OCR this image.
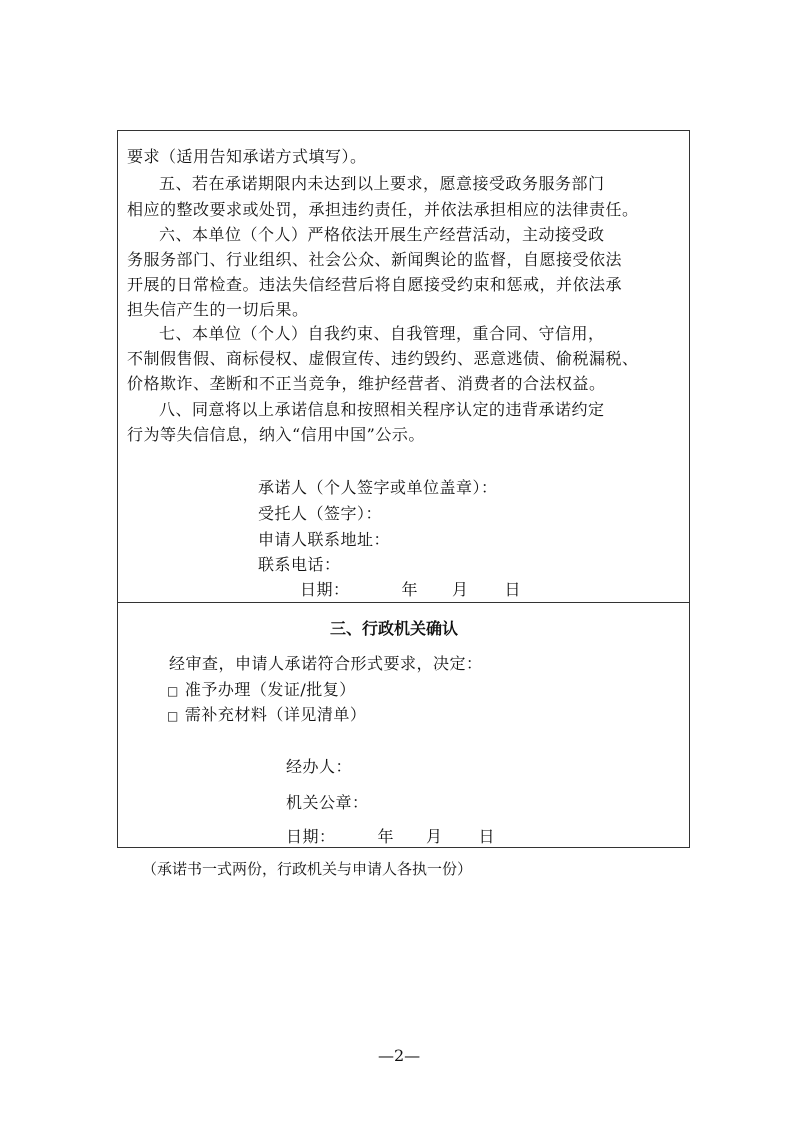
要求（适用告知承诺方式填写）。
五、若在承诺期限内未达到以上要求，愿意接受政务服务部门
相应的整改要求或处罚，承担违约责任，并依法承担相应的法律责任。
六、本单位（个人）严格依法开展生产经营活动，主动接受政
务服务部门、行业组织、社会公众、新闻舆论的监督，自愿接受依法
开展的日常检查。违法失信经营后将自愿接受约束和惩戒，并依法承
担失信产生的一切后果。
七、本单位（个人）自我约束、自我管理，重合同、守信用，
不制假售假、商标侵权、虚假宣传、违约毁约、恶意逃债、偷税漏税、
价格欺诈、垄断和不正当竞争，维护经营者、消费者的合法权益。
八、同意将以上承诺信息和按照相关程序认定的违背承诺约定
行为等失信信息，纳入“信用中国”公示。
承诺人（个人签字或单位盖章）：
受托人（签字）：
申请人联系地址：
联系电话：
日期：	年 月 日
三、行政机关确认
经审查，申请人承诺符合形式要求，决定：
□ 准予办理（发证/批复）
□ 需补充材料（详见清单）
经办人：
机关公章：
日期：	年 月 日
（承诺书一式两份，行政机关与申请人各执一份）
—2—
